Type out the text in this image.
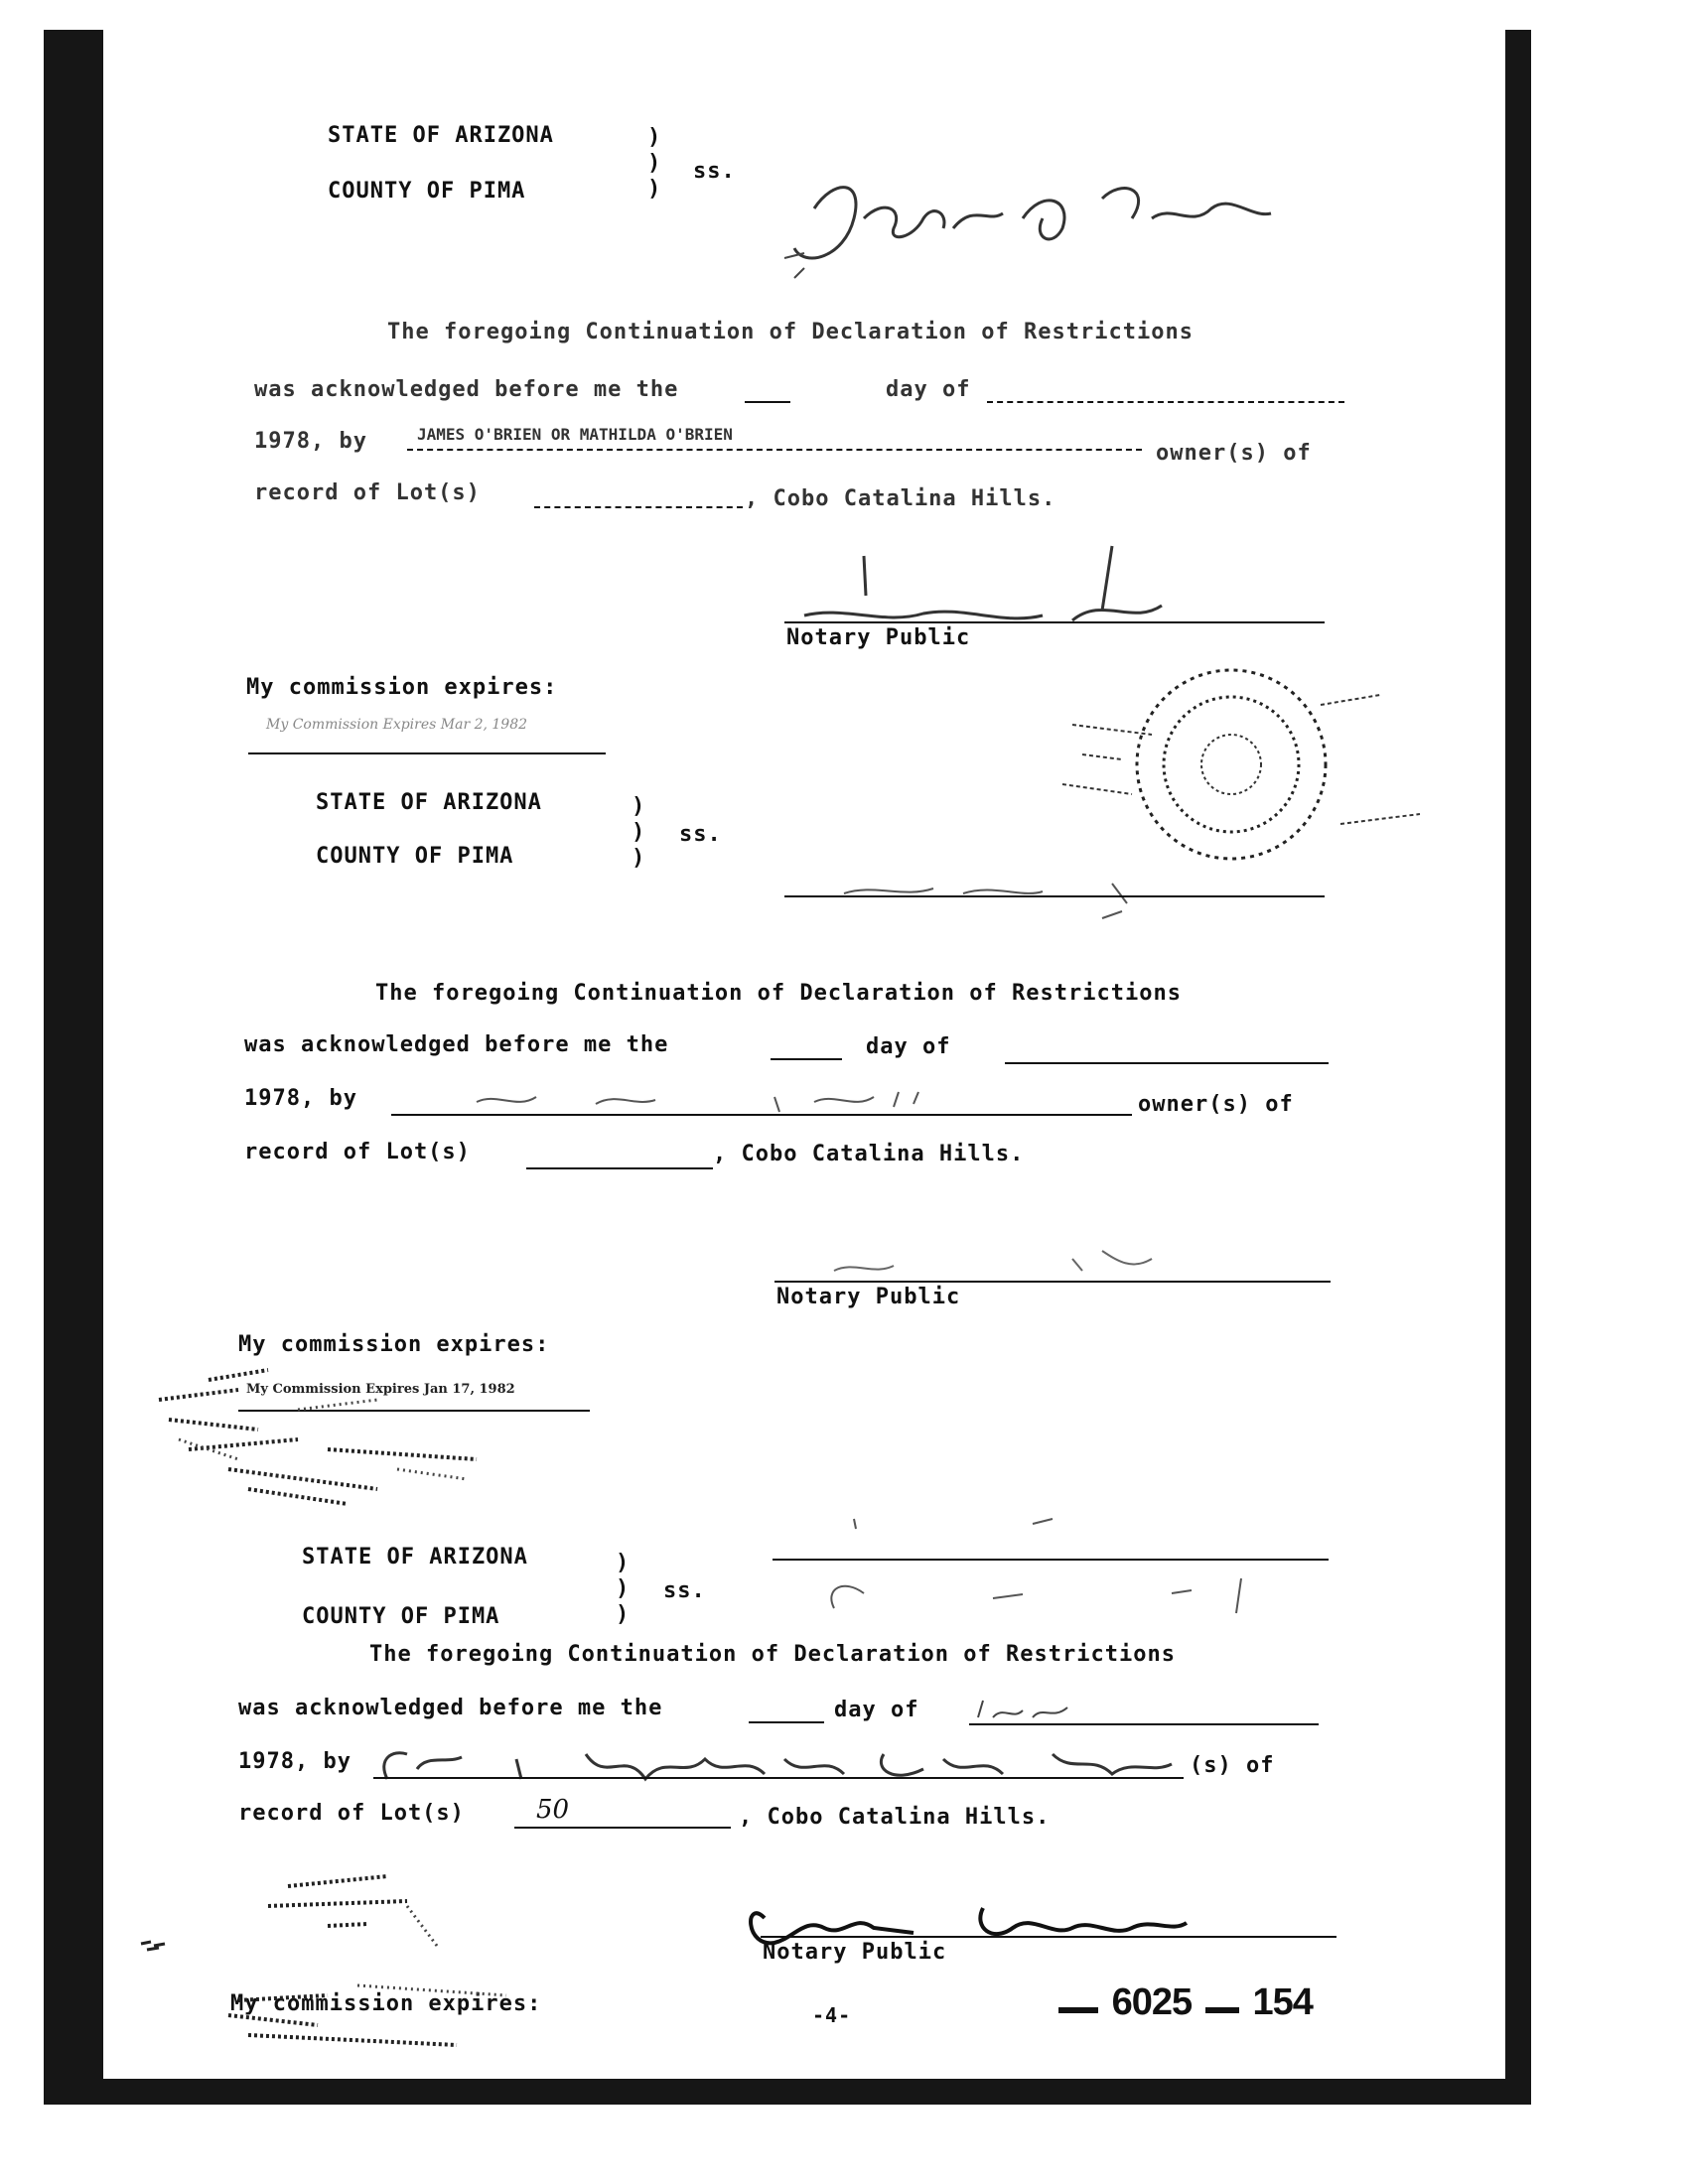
STATE OF ARIZONA
COUNTY OF PIMA
)
)
)
ss.
The foregoing Continuation of Declaration of Restrictions
was acknowledged before me the	day of
1978, by	JAMES O'BRIEN OR MATHILDA O'BRIEN
owner(s) of
record of Lot(s)	, Cobo Catalina Hills.
Notary Public
My commission expires:
My Commission Expires Mar 2, 1982
STATE OF ARIZONA
COUNTY OF PIMA
)
)
)
ss.
The foregoing Continuation of Declaration of Restrictions
was acknowledged before me the	day of
1978, by	owner(s) of
record of Lot(s)	, Cobo Catalina Hills.
Notary Public
My commission expires:
My Commission Expires Jan 17, 1982
STATE OF ARIZONA
COUNTY OF PIMA
)
)
)
ss.
The foregoing Continuation of Declaration of Restrictions
was acknowledged before me the	day of
1978, by	(s) of
record of Lot(s)	50	, Cobo Catalina Hills.
Notary Public
My commission expires:	-4-	6025 154
